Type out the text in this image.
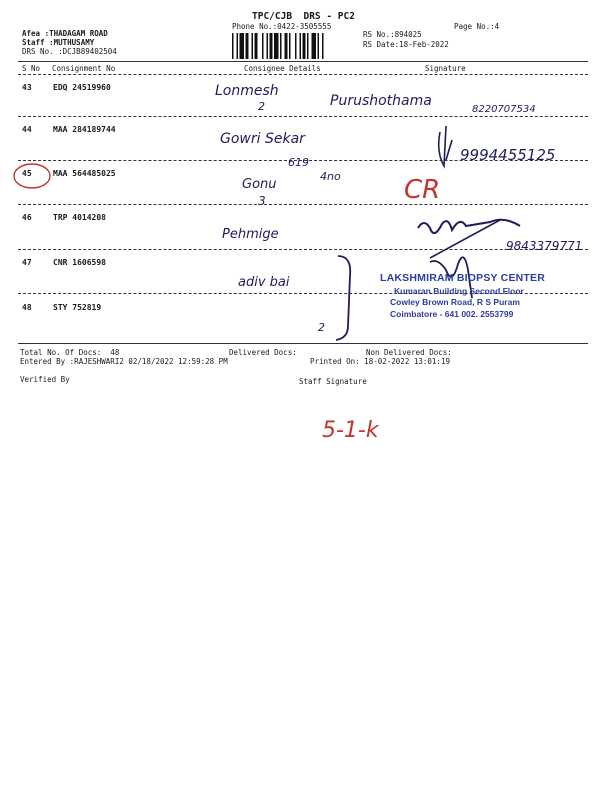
TPC/CJB  DRS - PC2
Phone No.:0422-3505555
Afea :THADAGAM ROAD
Staff :MUTHUSAMY
DRS No. :DCJB89402504
Page No.:4
RS No.:894025
RS Date:18-Feb-2022
S No Consignment No	Consignee Details	Signature
43	EDQ 24519960
44	MAA 284189744
45	MAA 564485025
46	TRP 4014208
47	CNR 1606598
48	STY 752819
Total No. Of Docs:  48	Delivered Docs:	Non Delivered Docs:
Entered By :RAJESHWARI2 02/18/2022 12:59:28 PM	Printed On: 18-02-2022 13:01:19
Verified By	Staff Signature
Lonmesh
2	Purushothama
8220707534
Gowri Sekar
619	9994455125
Gonu
4no
3	CR
Pehmige
9843379771
adiv bai
2
5-1-k
LAKSHMIRAM BIOPSY CENTER
Kumaran Building Second Floor
Cowley Brown Road, R S Puram
Coimbatore - 641 002. 2553799
